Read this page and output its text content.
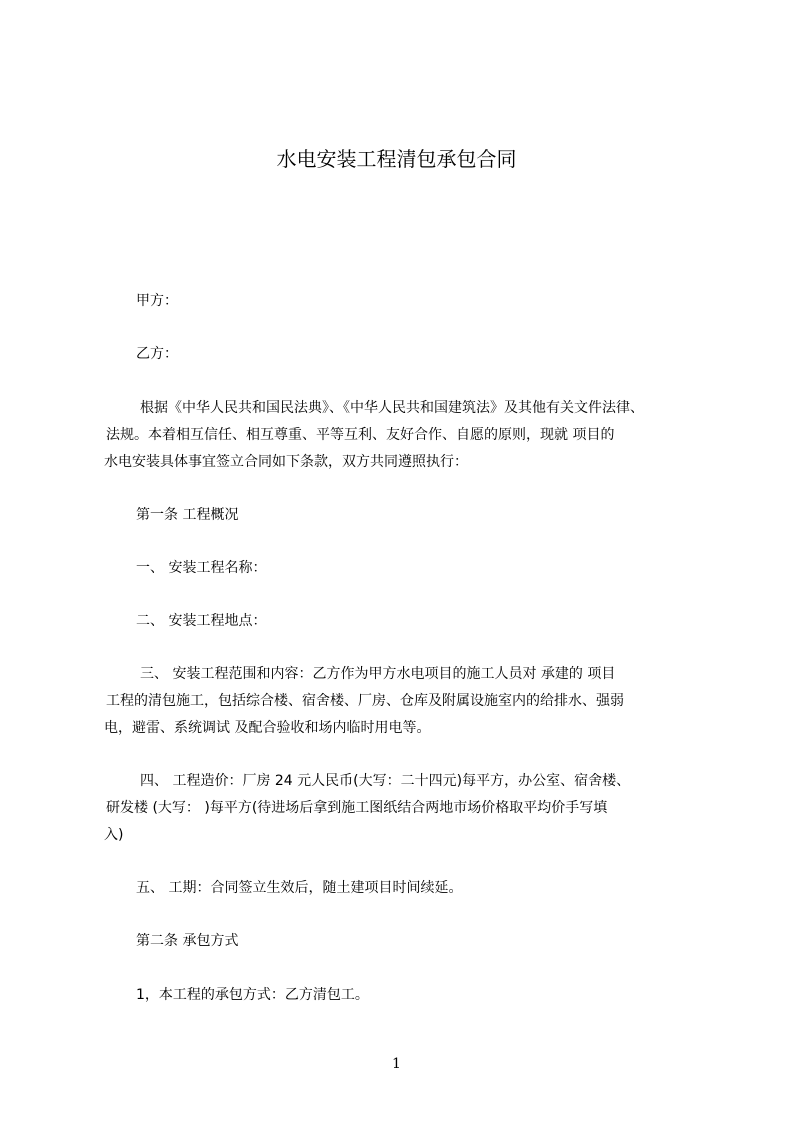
水电安装工程清包承包合同
甲方：
乙方：
根据《中华人民共和国民法典》、《中华人民共和国建筑法》及其他有关文件法律、
法规。本着相互信任、相互尊重、平等互利、友好合作、自愿的原则，现就 项目的
水电安装具体事宜签立合同如下条款，双方共同遵照执行：
第一条 工程概况
一、 安装工程名称：
二、 安装工程地点：
三、 安装工程范围和内容：乙方作为甲方水电项目的施工人员对 承建的 项目
工程的清包施工，包括综合楼、宿舍楼、厂房、仓库及附属设施室内的给排水、强弱
电，避雷、系统调试 及配合验收和场内临时用电等。
四、 工程造价：厂房 24 元人民币(大写：二十四元)每平方，办公室、宿舍楼、
研发楼 (大写： )每平方(待进场后拿到施工图纸结合两地市场价格取平均价手写填
入)
五、 工期：合同签立生效后，随土建项目时间续延。
第二条 承包方式
1，本工程的承包方式：乙方清包工。
1
